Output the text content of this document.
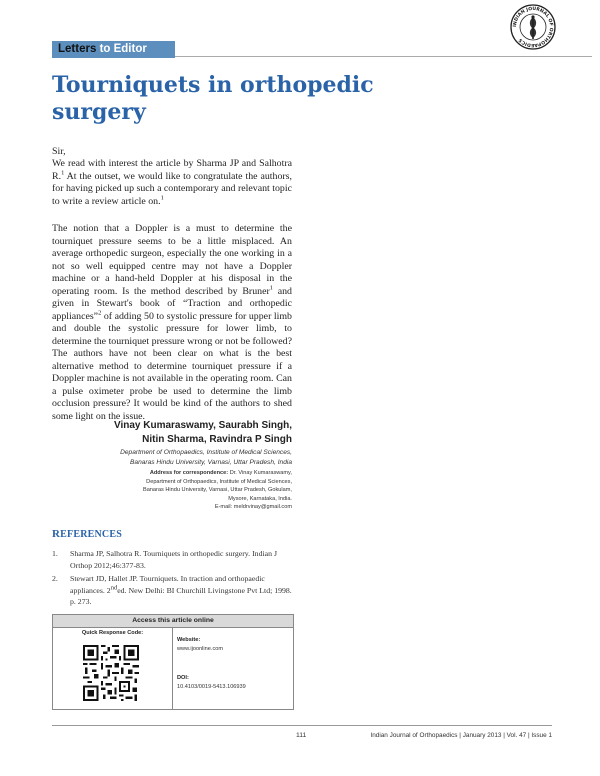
Letters to Editor
INDIAN JOURNAL OF ORTHOPAEDICS
Tourniquets in orthopedic surgery
Sir,
We read with interest the article by Sharma JP and Salhotra R.$^1$ At the outset, we would like to congratulate the authors, for having picked up such a contemporary and relevant topic to write a review article on.$^1$
The notion that a Doppler is a must to determine the tourniquet pressure seems to be a little misplaced. An average orthopedic surgeon, especially the one working in a not so well equipped centre may not have a Doppler machine or a hand-held Doppler at his disposal in the operating room. Is the method described by Bruner$^1$ and given in Stewart's book of “Traction and orthopedic appliances”$^2$ of adding 50 to systolic pressure for upper limb and double the systolic pressure for lower limb, to determine the tourniquet pressure wrong or not be followed? The authors have not been clear on what is the best alternative method to determine tourniquet pressure if a Doppler machine is not available in the operating room. Can a pulse oximeter probe be used to determine the limb occlusion pressure? It would be kind of the authors to shed some light on the issue.
Vinay Kumaraswamy, Saurabh Singh,
Nitin Sharma, Ravindra P Singh
Department of Orthopaedics, Institute of Medical Sciences,
Banaras Hindu University, Varnasi, Uttar Pradesh, India
Address for correspondence: Dr. Vinay Kumaraswamy,
Department of Orthopaedics, Institute of Medical Sciences,
Banaras Hindu University, Varnasi, Uttar Pradesh, Gokulam,
Mysore, Karnataka, India.
E-mail: meldrvinay@gmail.com
REFERENCES
1. Sharma JP, Salhotra R. Tourniquets in orthopedic surgery. Indian J Orthop 2012;46:377-83.
2. Stewart JD, Hallet JP. Tourniquets. In traction and orthopaedic appliances. 2nded. New Delhi: BI Churchill Livingstone Pvt Ltd; 1998. p. 273.
Access this article online
Quick Response Code:
Website:
www.ijoonline.com
DOI:
10.4103/0019-5413.106939
111	Indian Journal of Orthopaedics | January 2013 | Vol. 47 | Issue 1
